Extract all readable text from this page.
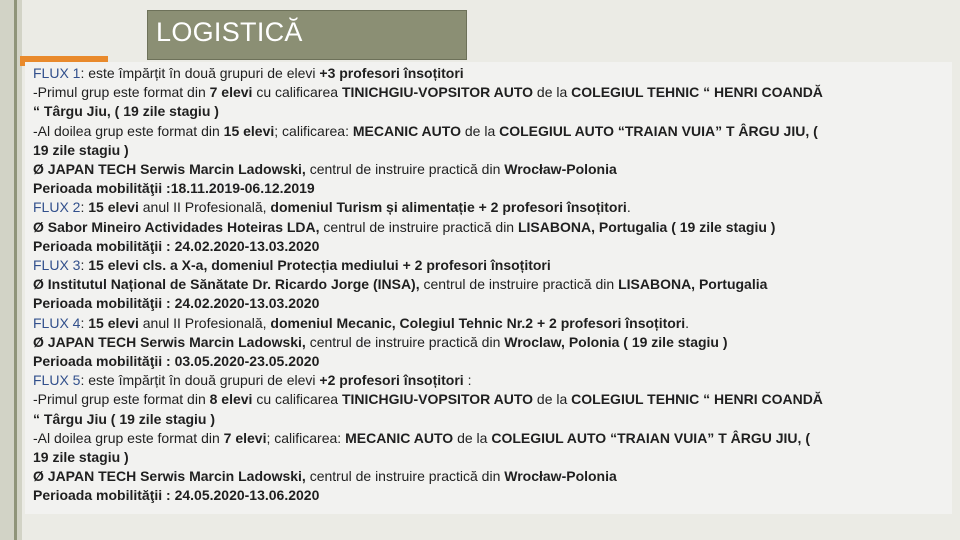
LOGISTICĂ
FLUX 1: este împărțit în două grupuri de elevi +3 profesori însoțitori
-Primul grup este format din 7 elevi cu calificarea TINICHGIU-VOPSITOR AUTO de la COLEGIUL TEHNIC “ HENRI COANDĂ
“ Târgu Jiu, ( 19 zile stagiu )
-Al doilea grup este format din 15 elevi; calificarea: MECANIC AUTO de la COLEGIUL AUTO “TRAIAN VUIA” T ÂRGU JIU, (
19 zile stagiu )
Ø JAPAN TECH Serwis Marcin Ladowski, centrul de instruire practică din Wrocław-Polonia
Perioada mobilităţii :18.11.2019-06.12.2019
FLUX 2: 15 elevi anul II Profesională, domeniul Turism și alimentație + 2 profesori însoțitori.
Ø Sabor Mineiro Actividades Hoteiras LDA, centrul de instruire practică din LISABONA, Portugalia ( 19 zile stagiu )
Perioada mobilităţii : 24.02.2020-13.03.2020
FLUX 3: 15 elevi cls. a X-a, domeniul Protecția mediului + 2 profesori însoțitori
Ø Institutul Național de Sănătate Dr. Ricardo Jorge (INSA), centrul de instruire practică din LISABONA, Portugalia
Perioada mobilităţii : 24.02.2020-13.03.2020
FLUX 4: 15 elevi anul II Profesională, domeniul Mecanic, Colegiul Tehnic Nr.2 + 2 profesori însoțitori.
Ø JAPAN TECH Serwis Marcin Ladowski, centrul de instruire practică din Wroclaw, Polonia ( 19 zile stagiu )
Perioada mobilităţii : 03.05.2020-23.05.2020
FLUX 5: este împărțit în două grupuri de elevi +2 profesori însoțitori :
-Primul grup este format din 8 elevi cu calificarea TINICHGIU-VOPSITOR AUTO de la COLEGIUL TEHNIC “ HENRI COANDĂ
“ Târgu Jiu ( 19 zile stagiu )
-Al doilea grup este format din 7 elevi; calificarea: MECANIC AUTO de la COLEGIUL AUTO “TRAIAN VUIA” T ÂRGU JIU, (
19 zile stagiu )
Ø JAPAN TECH Serwis Marcin Ladowski, centrul de instruire practică din Wrocław-Polonia
Perioada mobilităţii : 24.05.2020-13.06.2020
